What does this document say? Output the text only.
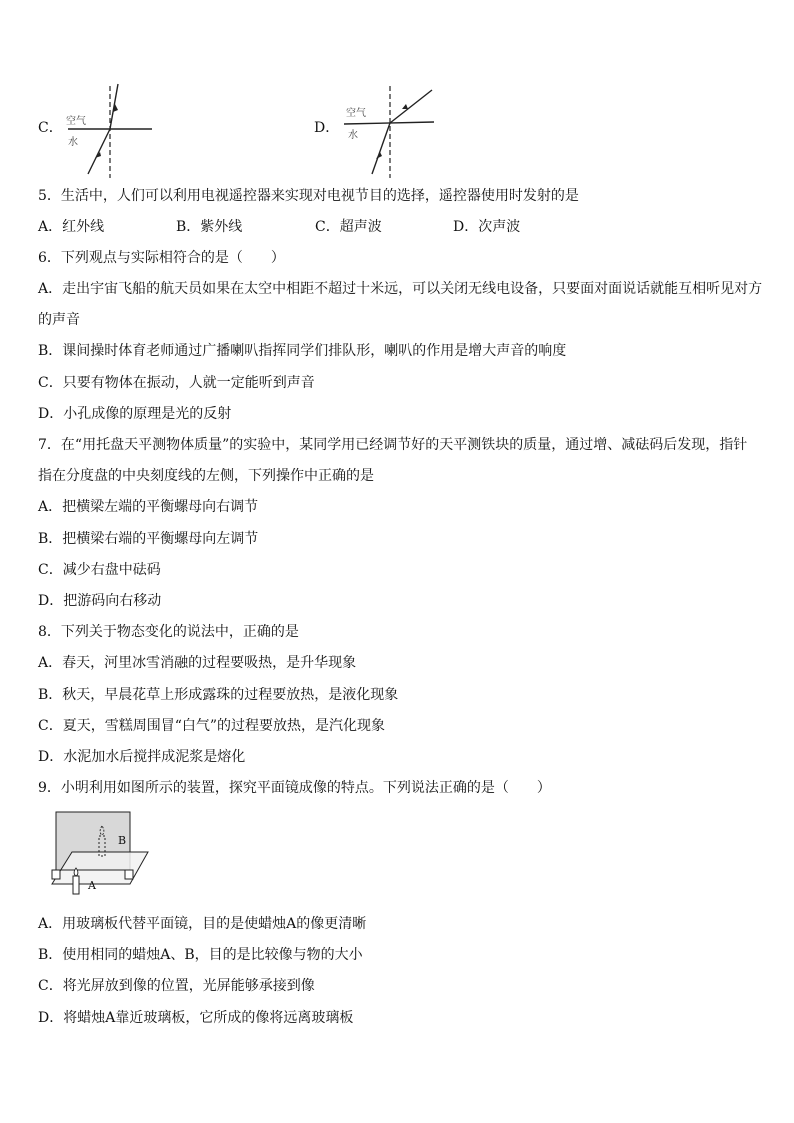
C． 空气
水
D．
空气
水
5．生活中，人们可以利用电视遥控器来实现对电视节目的选择，遥控器使用时发射的是
A．红外线	B．紫外线	C．超声波	D．次声波
6．下列观点与实际相符合的是（　　）
A．走出宇宙飞船的航天员如果在太空中相距不超过十米远，可以关闭无线电设备，只要面对面说话就能互相听见对方
的声音
B．课间操时体育老师通过广播喇叭指挥同学们排队形，喇叭的作用是增大声音的响度
C．只要有物体在振动，人就一定能听到声音
D．小孔成像的原理是光的反射
7．在“用托盘天平测物体质量”的实验中，某同学用已经调节好的天平测铁块的质量，通过增、减砝码后发现，指针
指在分度盘的中央刻度线的左侧，下列操作中正确的是
A．把横梁左端的平衡螺母向右调节
B．把横梁右端的平衡螺母向左调节
C．减少右盘中砝码
D．把游码向右移动
8．下列关于物态变化的说法中，正确的是
A．春天，河里冰雪消融的过程要吸热，是升华现象
B．秋天，早晨花草上形成露珠的过程要放热，是液化现象
C．夏天，雪糕周围冒“白气”的过程要放热，是汽化现象
D．水泥加水后搅拌成泥浆是熔化
9．小明利用如图所示的装置，探究平面镜成像的特点。下列说法正确的是（　　）
B
A
A．用玻璃板代替平面镜，目的是使蜡烛A的像更清晰
B．使用相同的蜡烛A、B，目的是比较像与物的大小
C．将光屏放到像的位置，光屏能够承接到像
D．将蜡烛A靠近玻璃板，它所成的像将远离玻璃板
